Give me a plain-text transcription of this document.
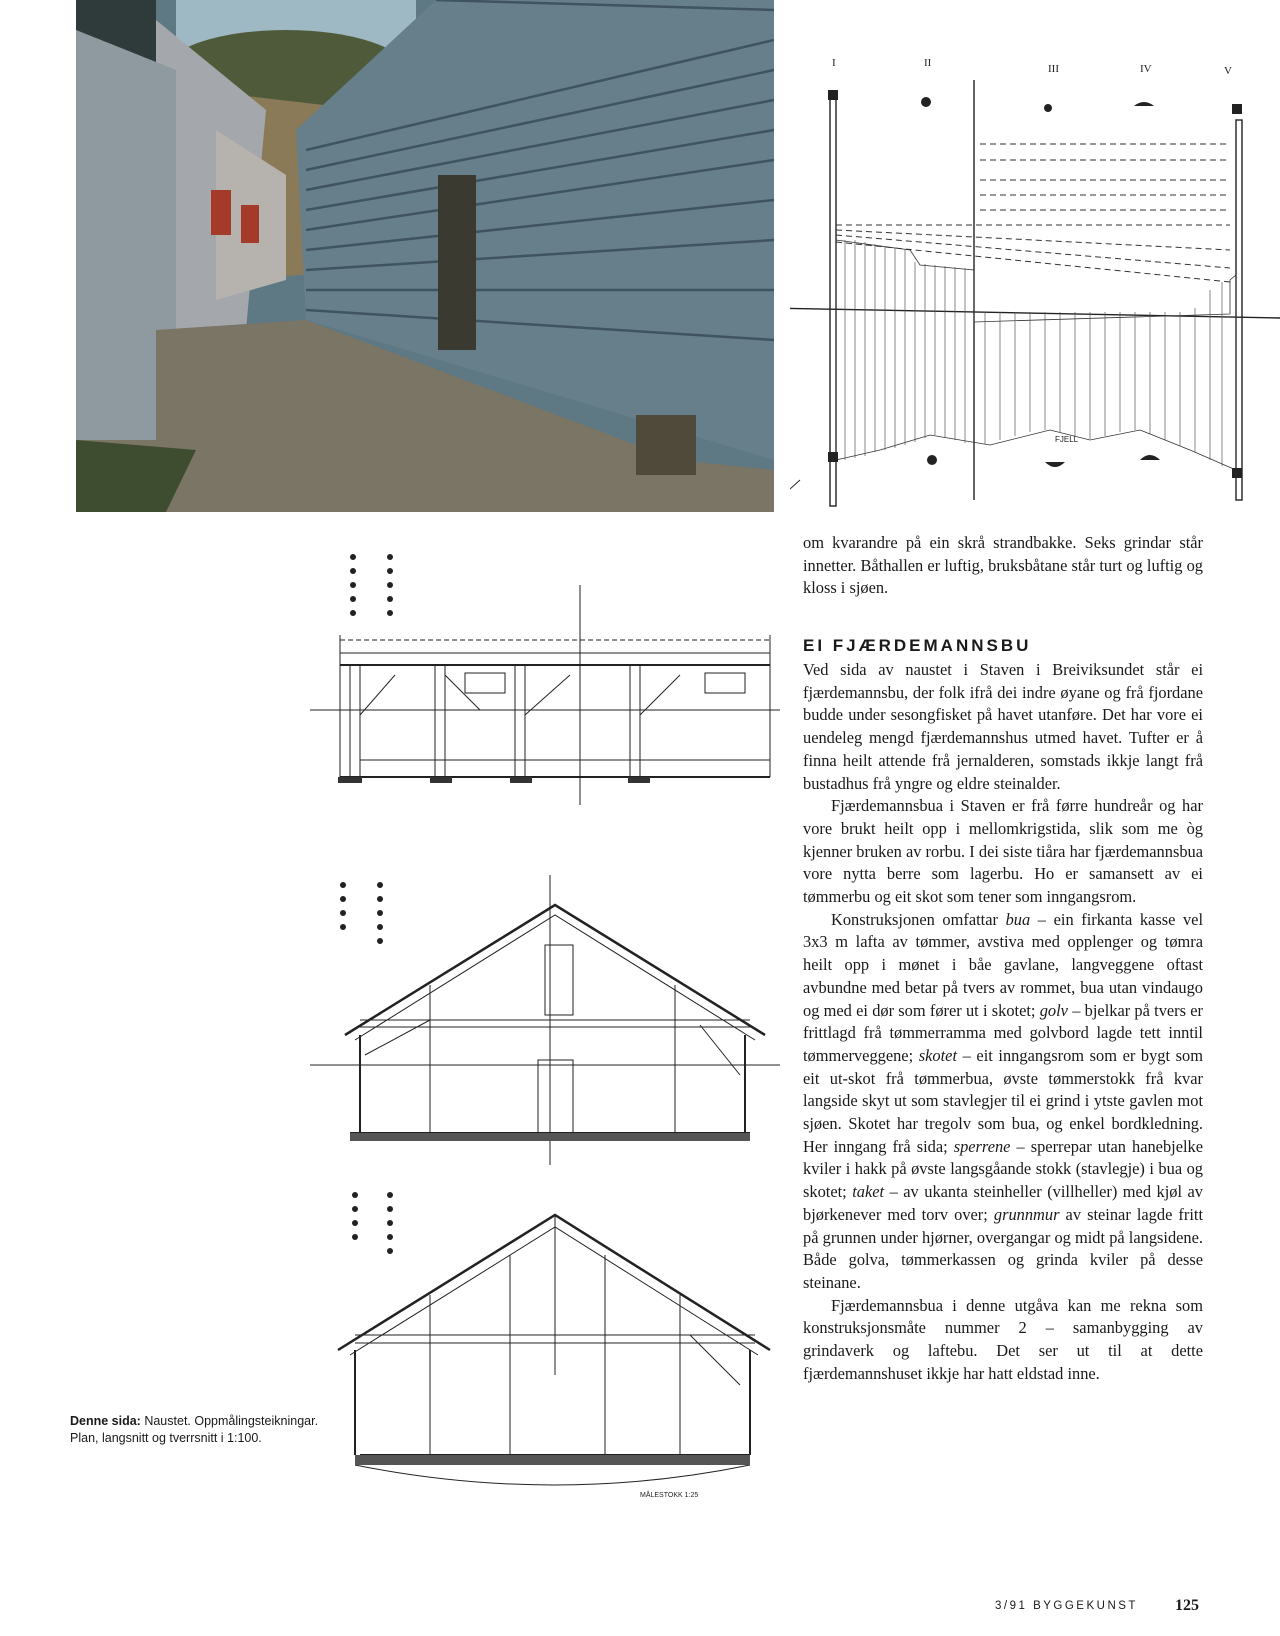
I	II	III	IV	V
FJELL
MÅLESTOKK 1:25

om kvarandre på ein skrå strandbakke. Seks grindar står innetter. Båthallen er luftig, bruksbåtane står turt og luftig og kloss i sjøen.

EI FJÆRDEMANNSBU

Ved sida av naustet i Staven i Breiviksundet står ei fjærdemannsbu, der folk ifrå dei indre øyane og frå fjordane budde under sesongfisket på havet utanføre. Det har vore ei uendeleg mengd fjærdemannshus utmed havet. Tufter er å finna heilt attende frå jernalderen, somstads ikkje langt frå bustadhus frå yngre og eldre steinalder.

Fjærdemannsbua i Staven er frå førre hundreår og har vore brukt heilt opp i mellomkrigstida, slik som me òg kjenner bruken av rorbu. I dei siste tiåra har fjærdemannsbua vore nytta berre som lagerbu. Ho er samansett av ei tømmerbu og eit skot som tener som inngangsrom.

Konstruksjonen omfattar bua – ein firkanta kasse vel 3x3 m lafta av tømmer, avstiva med opplenger og tømra heilt opp i mønet i båe gavlane, langveggene oftast avbundne med betar på tvers av rommet, bua utan vindaugo og med ei dør som fører ut i skotet; golv – bjelkar på tvers er frittlagd frå tømmerramma med golvbord lagde tett inntil tømmerveggene; skotet – eit inngangsrom som er bygt som eit ut-skot frå tømmerbua, øvste tømmerstokk frå kvar langside skyt ut som stavlegjer til ei grind i ytste gavlen mot sjøen. Skotet har tregolv som bua, og enkel bordkledning. Her inngang frå sida; sperrene – sperrepar utan hanebjelke kviler i hakk på øvste langsgåande stokk (stavlegje) i bua og skotet; taket – av ukanta steinheller (villheller) med kjøl av bjørkenever med torv over; grunnmur av steinar lagde fritt på grunnen under hjørner, overgangar og midt på langsidene. Både golva, tømmerkassen og grinda kviler på desse steinane.

Fjærdemannsbua i denne utgåva kan me rekna som konstruksjonsmåte nummer 2 – samanbygging av grindaverk og laftebu. Det ser ut til at dette fjærdemannshuset ikkje har hatt eldstad inne.

Denne sida: Naustet. Oppmålingsteikningar. Plan, langsnitt og tverrsnitt i 1:100.

3/91 BYGGEKUNST 125
